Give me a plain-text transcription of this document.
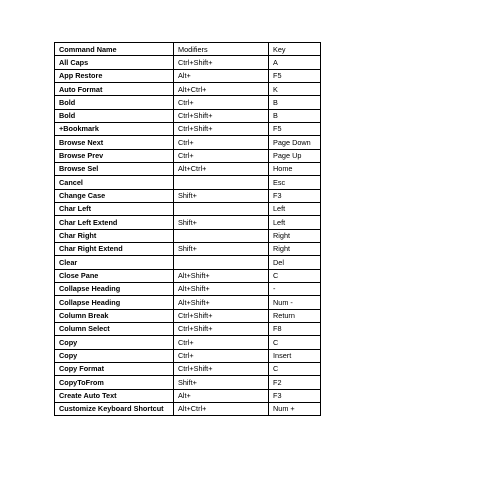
Command Name	Modifiers	Key
All Caps	Ctrl+Shift+	A
App Restore	Alt+	F5
Auto Format	Alt+Ctrl+	K
Bold	Ctrl+	B
Bold	Ctrl+Shift+	B
+Bookmark	Ctrl+Shift+	F5
Browse Next	Ctrl+	Page Down
Browse Prev	Ctrl+	Page Up
Browse Sel	Alt+Ctrl+	Home
Cancel		Esc
Change Case	Shift+	F3
Char Left		Left
Char Left Extend	Shift+	Left
Char Right		Right
Char Right Extend	Shift+	Right
Clear		Del
Close Pane	Alt+Shift+	C
Collapse Heading	Alt+Shift+	-
Collapse Heading	Alt+Shift+	Num -
Column Break	Ctrl+Shift+	Return
Column Select	Ctrl+Shift+	F8
Copy	Ctrl+	C
Copy	Ctrl+	Insert
Copy Format	Ctrl+Shift+	C
CopyToFrom	Shift+	F2
Create Auto Text	Alt+	F3
Customize Keyboard Shortcut	Alt+Ctrl+	Num +
